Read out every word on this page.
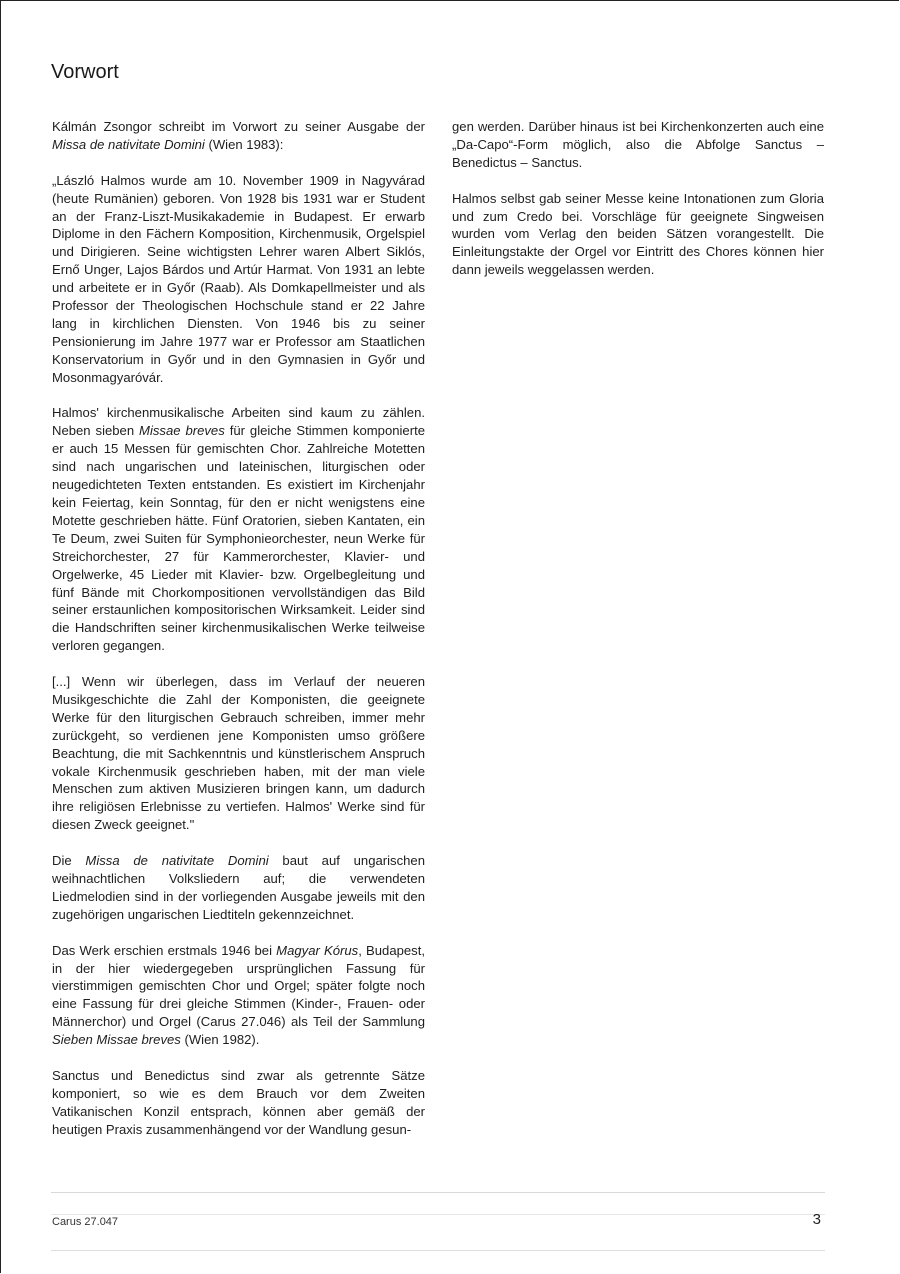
Vorwort

Kálmán Zsongor schreibt im Vorwort zu seiner Ausgabe der Missa de nativitate Domini (Wien 1983):

„László Halmos wurde am 10. November 1909 in Nagyvárad (heute Rumänien) geboren. Von 1928 bis 1931 war er Student an der Franz-Liszt-Musikakademie in Budapest. Er erwarb Diplome in den Fächern Komposition, Kirchenmusik, Orgelspiel und Dirigieren. Seine wichtigsten Lehrer waren Albert Siklós, Ernő Unger, Lajos Bárdos und Artúr Harmat. Von 1931 an lebte und arbeitete er in Győr (Raab). Als Domkapellmeister und als Professor der Theologischen Hochschule stand er 22 Jahre lang in kirchlichen Diensten. Von 1946 bis zu seiner Pensionierung im Jahre 1977 war er Professor am Staatlichen Konservatorium in Győr und in den Gymnasien in Győr und Mosonmagyaróvár.

Halmos' kirchenmusikalische Arbeiten sind kaum zu zählen. Neben sieben Missae breves für gleiche Stimmen komponierte er auch 15 Messen für gemischten Chor. Zahlreiche Motetten sind nach ungarischen und lateinischen, liturgischen oder neugedichteten Texten entstanden. Es existiert im Kirchenjahr kein Feiertag, kein Sonntag, für den er nicht wenigstens eine Motette geschrieben hätte. Fünf Oratorien, sieben Kantaten, ein Te Deum, zwei Suiten für Symphonieorchester, neun Werke für Streichorchester, 27 für Kammerorchester, Klavier- und Orgelwerke, 45 Lieder mit Klavier- bzw. Orgelbegleitung und fünf Bände mit Chorkompositionen vervollständigen das Bild seiner erstaunlichen kompositorischen Wirksamkeit. Leider sind die Handschriften seiner kirchenmusikalischen Werke teilweise verloren gegangen.

[...] Wenn wir überlegen, dass im Verlauf der neueren Musikgeschichte die Zahl der Komponisten, die geeignete Werke für den liturgischen Gebrauch schreiben, immer mehr zurückgeht, so verdienen jene Komponisten umso größere Beachtung, die mit Sachkenntnis und künstlerischem Anspruch vokale Kirchenmusik geschrieben haben, mit der man viele Menschen zum aktiven Musizieren bringen kann, um dadurch ihre religiösen Erlebnisse zu vertiefen. Halmos' Werke sind für diesen Zweck geeignet."

Die Missa de nativitate Domini baut auf ungarischen weihnachtlichen Volksliedern auf; die verwendeten Liedmelodien sind in der vorliegenden Ausgabe jeweils mit den zugehörigen ungarischen Liedtiteln gekennzeichnet.

Das Werk erschien erstmals 1946 bei Magyar Kórus, Budapest, in der hier wiedergegeben ursprünglichen Fassung für vierstimmigen gemischten Chor und Orgel; später folgte noch eine Fassung für drei gleiche Stimmen (Kinder-, Frauen- oder Männerchor) und Orgel (Carus 27.046) als Teil der Sammlung Sieben Missae breves (Wien 1982).

Sanctus und Benedictus sind zwar als getrennte Sätze komponiert, so wie es dem Brauch vor dem Zweiten Vatikanischen Konzil entsprach, können aber gemäß der heutigen Praxis zusammenhängend vor der Wandlung gesun-

gen werden. Darüber hinaus ist bei Kirchenkonzerten auch eine „Da-Capo“-Form möglich, also die Abfolge Sanctus – Benedictus – Sanctus.

Halmos selbst gab seiner Messe keine Intonationen zum Gloria und zum Credo bei. Vorschläge für geeignete Singweisen wurden vom Verlag den beiden Sätzen vorangestellt. Die Einleitungstakte der Orgel vor Eintritt des Chores können hier dann jeweils weggelassen werden.

Carus 27.047	3
